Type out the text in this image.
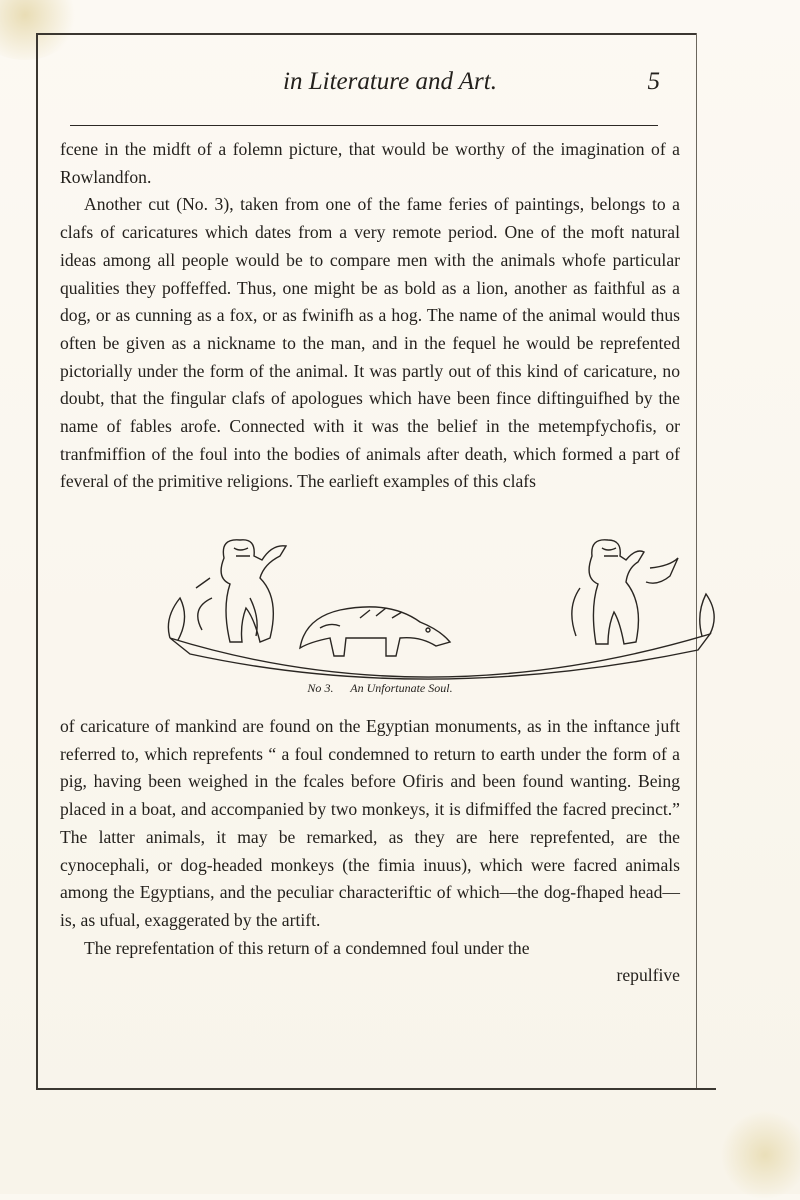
in Literature and Art.	5

fcene in the midft of a folemn picture, that would be worthy of the imagination of a Rowlandfon.

Another cut (No. 3), taken from one of the fame feries of paintings, belongs to a clafs of caricatures which dates from a very remote period. One of the moft natural ideas among all people would be to compare men with the animals whofe particular qualities they poffeffed. Thus, one might be as bold as a lion, another as faithful as a dog, or as cunning as a fox, or as fwinifh as a hog. The name of the animal would thus often be given as a nickname to the man, and in the fequel he would be reprefented pictorially under the form of the animal. It was partly out of this kind of caricature, no doubt, that the fingular clafs of apologues which have been fince diftinguifhed by the name of fables arofe. Connected with it was the belief in the metempfychofis, or tranfmiffion of the foul into the bodies of animals after death, which formed a part of feveral of the primitive religions. The earlieft examples of this clafs

No 3. An Unfortunate Soul.

of caricature of mankind are found on the Egyptian monuments, as in the inftance juft referred to, which reprefents “ a foul condemned to return to earth under the form of a pig, having been weighed in the fcales before Ofiris and been found wanting. Being placed in a boat, and accompanied by two monkeys, it is difmiffed the facred precinct.” The latter animals, it may be remarked, as they are here reprefented, are the cynocephali, or dog-headed monkeys (the fimia inuus), which were facred animals among the Egyptians, and the peculiar characteriftic of which—the dog-fhaped head—is, as ufual, exaggerated by the artift.

The reprefentation of this return of a condemned foul under the

repulfive
